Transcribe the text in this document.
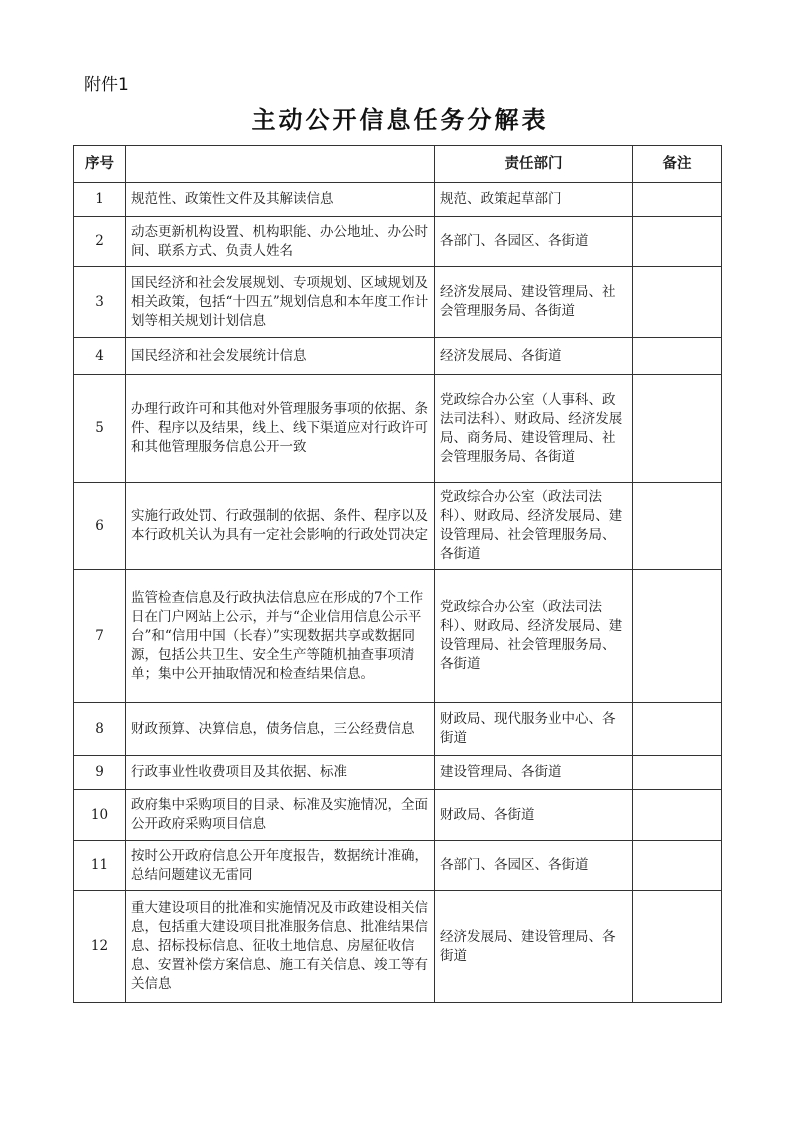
附件1
主动公开信息任务分解表
序号		责任部门	备注
1	规范性、政策性文件及其解读信息	规范、政策起草部门	
2	动态更新机构设置、机构职能、办公地址、办公时间、联系方式、负责人姓名	各部门、各园区、各街道	
3	国民经济和社会发展规划、专项规划、区域规划及相关政策，包括“十四五”规划信息和本年度工作计划等相关规划计划信息	经济发展局、建设管理局、社会管理服务局、各街道	
4	国民经济和社会发展统计信息	经济发展局、各街道	
5	办理行政许可和其他对外管理服务事项的依据、条件、程序以及结果，线上、线下渠道应对行政许可和其他管理服务信息公开一致	党政综合办公室（人事科、政法司法科）、财政局、经济发展局、商务局、建设管理局、社会管理服务局、各街道	
6	实施行政处罚、行政强制的依据、条件、程序以及本行政机关认为具有一定社会影响的行政处罚决定	党政综合办公室（政法司法科）、财政局、经济发展局、建设管理局、社会管理服务局、各街道	
7	监管检查信息及行政执法信息应在形成的7个工作日在门户网站上公示，并与“企业信用信息公示平台”和“信用中国（长春）”实现数据共享或数据同源，包括公共卫生、安全生产等随机抽查事项清单；集中公开抽取情况和检查结果信息。	党政综合办公室（政法司法科）、财政局、经济发展局、建设管理局、社会管理服务局、各街道	
8	财政预算、决算信息，债务信息，三公经费信息	财政局、现代服务业中心、各街道	
9	行政事业性收费项目及其依据、标准	建设管理局、各街道	
10	政府集中采购项目的目录、标准及实施情况，全面公开政府采购项目信息	财政局、各街道	
11	按时公开政府信息公开年度报告，数据统计准确，总结问题建议无雷同	各部门、各园区、各街道	
12	重大建设项目的批准和实施情况及市政建设相关信息，包括重大建设项目批准服务信息、批准结果信息、招标投标信息、征收土地信息、房屋征收信息、安置补偿方案信息、施工有关信息、竣工等有关信息	经济发展局、建设管理局、各街道	
